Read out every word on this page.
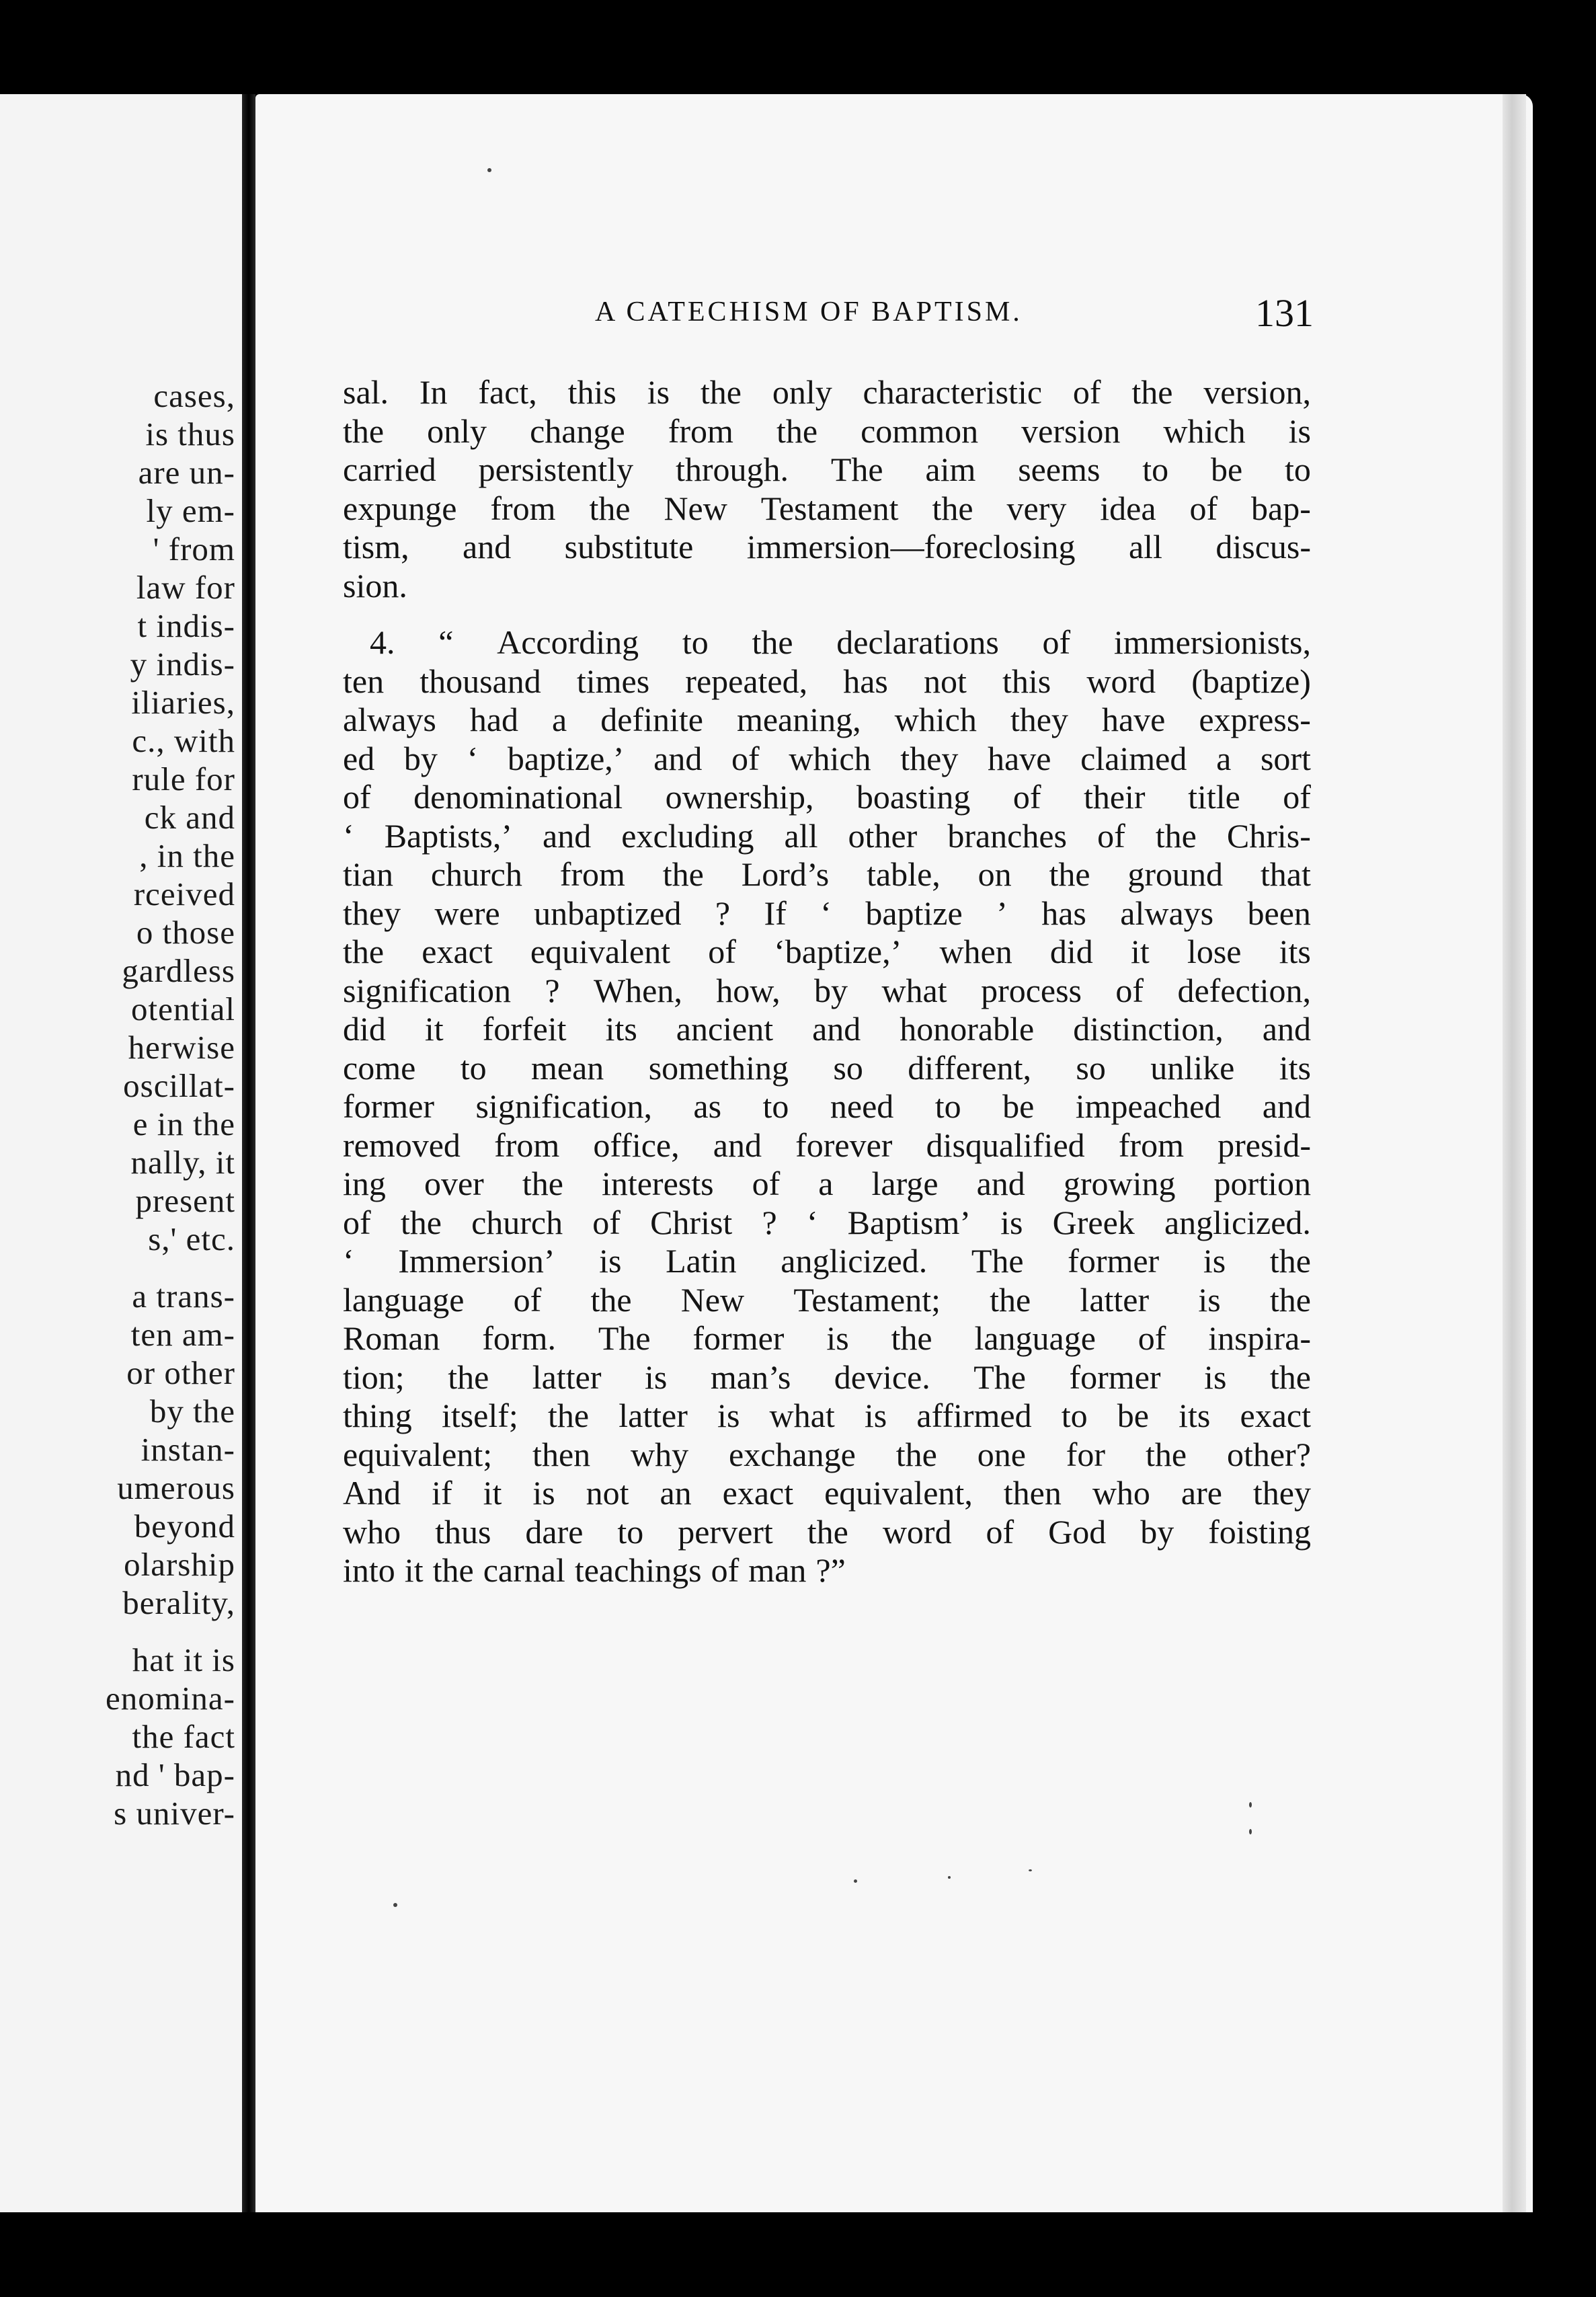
cases,
is thus
are un-
ly em-
' from
law for
t indis-
y indis-
iliaries,
c., with
rule for
ck and
, in the
rceived
o those
gardless
otential
herwise
oscillat-
e in the
nally, it
present
s,' etc.
a trans-
ten am-
or other
by the
instan-
umerous
beyond
olarship
berality,
hat it is
enomina-
the fact
nd ' bap-
s univer-
A CATECHISM OF BAPTISM.	131
sal. In fact, this is the only characteristic of the version,
the only change from the common version which is
carried persistently through. The aim seems to be to
expunge from the New Testament the very idea of bap-
tism, and substitute immersion—foreclosing all discus-
sion.
4. “ According to the declarations of immersionists,
ten thousand times repeated, has not this word (baptize)
always had a definite meaning, which they have express-
ed by ‘ baptize,’ and of which they have claimed a sort
of denominational ownership, boasting of their title of
‘ Baptists,’ and excluding all other branches of the Chris-
tian church from the Lord’s table, on the ground that
they were unbaptized ? If ‘ baptize ’ has always been
the exact equivalent of ‘baptize,’ when did it lose its
signification ? When, how, by what process of defection,
did it forfeit its ancient and honorable distinction, and
come to mean something so different, so unlike its
former signification, as to need to be impeached and
removed from office, and forever disqualified from presid-
ing over the interests of a large and growing portion
of the church of Christ ? ‘ Baptism’ is Greek anglicized.
‘ Immersion’ is Latin anglicized. The former is the
language of the New Testament; the latter is the
Roman form. The former is the language of inspira-
tion; the latter is man’s device. The former is the
thing itself; the latter is what is affirmed to be its exact
equivalent; then why exchange the one for the other?
And if it is not an exact equivalent, then who are they
who thus dare to pervert the word of God by foisting
into it the carnal teachings of man ?”
